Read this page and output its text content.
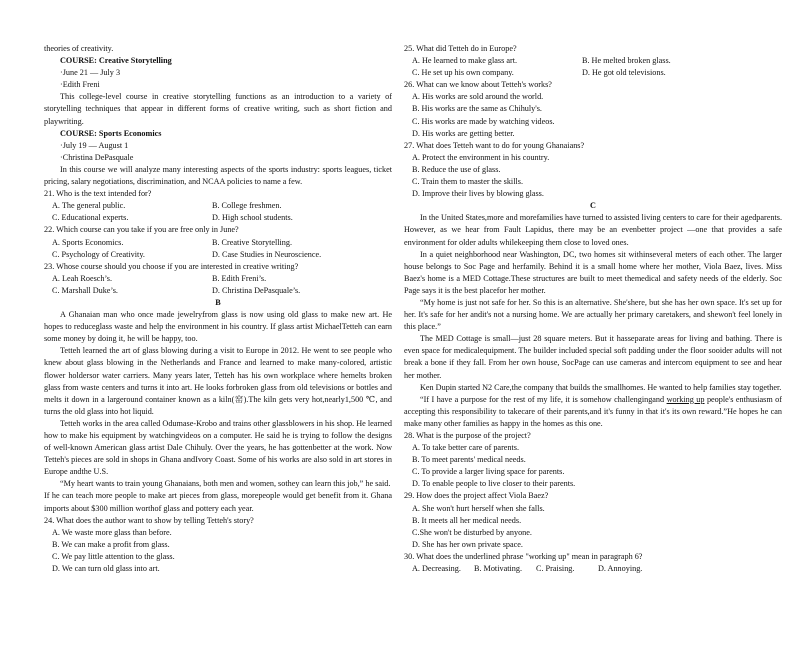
theories of creativity.

COURSE: Creative Storytelling

·June 21 — July 3

·Edith Freni

This college-level course in creative storytelling functions as an introduction to a variety of storytelling techniques that appear in different forms of creative writing, such as short fiction and playwriting.

COURSE: Sports Economics

·July 19 — August 1

·Christina DePasquale

In this course we will analyze many interesting aspects of the sports industry: sports leagues, ticket pricing, salary negotiations, discrimination, and NCAA policies to name a few.

21. Who is the text intended for?

A. The general public.	B. College freshmen.
C. Educational experts.	D. High school students.

22. Which course can you take if you are free only in June?

A. Sports Economics.	B. Creative Storytelling.
C. Psychology of Creativity.	D. Case Studies in Neuroscience.

23. Whose course should you choose if you are interested in creative writing?

A. Leah Roesch’s.	B. Edith Freni’s.
C. Marshall Duke’s.	D. Christina DePasquale’s.

B

A Ghanaian man who once made jewelryfrom glass is now using old glass to make new art. He hopes to reduceglass waste and help the environment in his country. If glass artist MichaelTetteh can earn some money by doing it, he will be happy, too.

Tetteh learned the art of glass blowing during a visit to Europe in 2012. He went to see people who knew about glass blowing in the Netherlands and France and learned to make many-colored, artistic flower holdersor water carriers. Many years later, Tetteh has his own workplace where hemelts broken glass from waste centers and turns it into art. He looks forbroken glass from old televisions or bottles and melts it down in a largeround container known as a kiln(窑).The kiln gets very hot,nearly1,500 ℃, and turns the old glass into hot liquid.

Tetteh works in the area called Odumase-Krobo and trains other glassblowers in his shop. He learned how to make his equipment by watchingvideos on a computer. He said he is trying to follow the designs of well-known American glass artist Dale Chihuly. Over the years, he has gottenbetter at the work. Now Tetteh's pieces are sold in shops in Ghana andIvory Coast. Some of his works are also sold in art stores in Europe andthe U.S.

“My heart wants to train young Ghanaians, both men and women, sothey can learn this job,” he said.

If he can teach more people to make art pieces from glass, morepeople would get benefit from it. Ghana imports about $300 million worthof glass and pottery each year.

24. What does the author want to show by telling Tetteh's story?

A. We waste more glass than before.

B. We can make a profit from glass.

C. We pay little attention to the glass.

D. We can turn old glass into art.

25. What did Tetteh do in Europe?

A. He learned to make glass art.	B. He melted broken glass.
C. He set up his own company.	D. He got old televisions.

26. What can we know about Tetteh's works?

A. His works are sold around the world.

B. His works are the same as Chihuly's.

C. His works are made by watching videos.

D. His works are getting better.

27. What does Tetteh want to do for young Ghanaians?

A. Protect the environment in his country.

B. Reduce the use of glass.

C. Train them to master the skills.

D. Improve their lives by blowing glass.

C

In the United States,more and morefamilies have turned to assisted living centers to care for their agedparents. However, as we hear from Fault Lapidus, there may be an evenbetter project —one that provides a safe environment for older adults whilekeeping them close to loved ones.

In a quiet neighborhood near Washington, DC, two homes sit withinseveral meters of each other. The larger house belongs to Soc Page and herfamily. Behind it is a small home where her mother, Viola Baez, lives. Miss Baez's home is a MED Cottage.These structures are built to meet themedical and safety needs of the elderly. Soc Page says it is the best placefor her mother.

“My home is just not safe for her. So this is an alternative. She'shere, but she has her own space. It's set up for her. It's safe for her andit's not a nursing home. We are actually her primary caretakers, and shewon't feel lonely in this place.”

The MED Cottage is small—just 28 square meters. But it hasseparate areas for living and bathing. There is even space for medicalequipment. The builder included special soft padding under the floor sooider adults will not break a bone if they fall. From her own house, SocPage can use cameras and intercom equipment to see and hear her mother.

Ken Dupin started N2 Care,the company that builds the smallhomes. He wanted to help families stay together.

“If I have a purpose for the rest of my life, it is somehow challengingand working up people's enthusiasm of accepting this responsibility to takecare of their parents,and it's funny in that it's its own reward.”He hopes he can make many other families as happy in the homes as this one.

28. What is the purpose of the project?

A. To take better care of parents.

B. To meet parents' medical needs.

C. To provide a larger living space for parents.

D. To enable people to live closer to their parents.

29. How does the project affect Viola Baez?

A. She won't hurt herself when she falls.

B. It meets all her medical needs.

C.She won't be disturbed by anyone.

D. She has her own private space.

30. What does the underlined phrase "working up" mean in paragraph 6?

A. Decreasing.	B. Motivating.	C. Praising.	D. Annoying.
